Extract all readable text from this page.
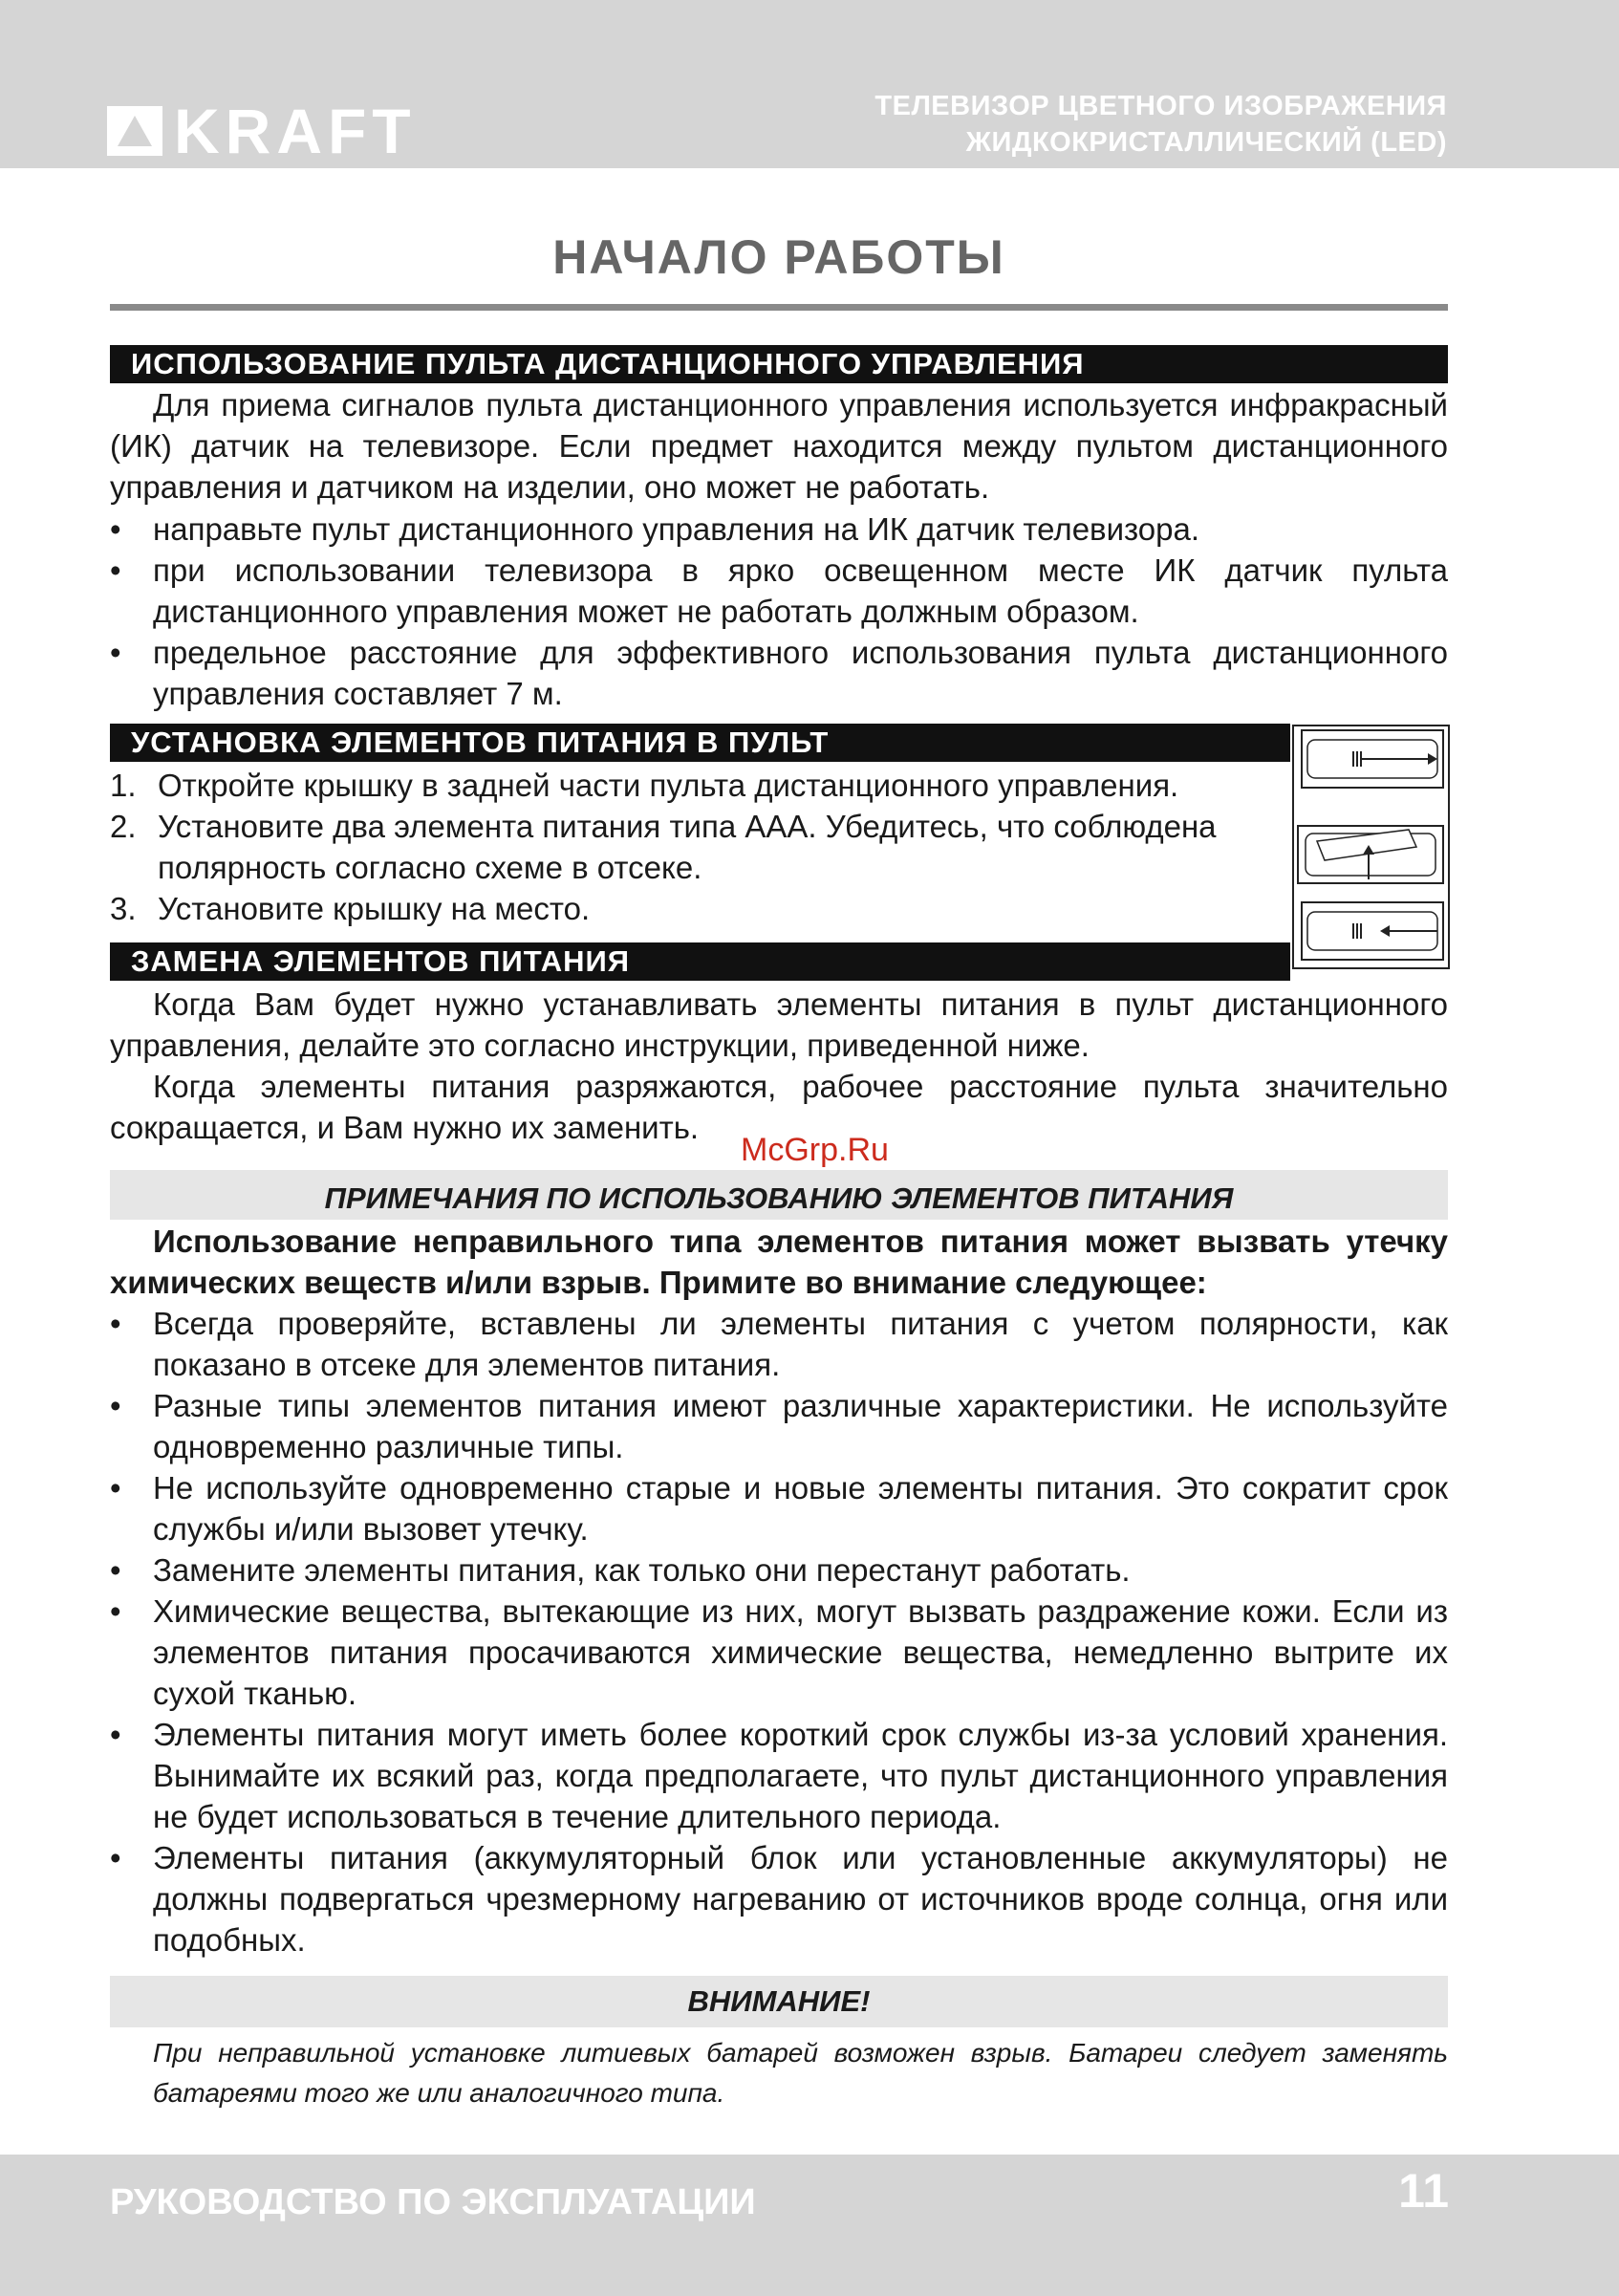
KRAFT	ТЕЛЕВИЗОР ЦВЕТНОГО ИЗОБРАЖЕНИЯ
ЖИДКОКРИСТАЛЛИЧЕСКИЙ (LED)
НАЧАЛО РАБОТЫ
ИСПОЛЬЗОВАНИЕ ПУЛЬТА ДИСТАНЦИОННОГО УПРАВЛЕНИЯ
Для приема сигналов пульта дистанционного управления используется инфракрасный (ИК) датчик на телевизоре. Если предмет находится между пультом дистанционного управления и датчиком на изделии, оно может не работать.
•	направьте пульт дистанционного управления на ИК датчик телевизора.
•	при использовании телевизора в ярко освещенном месте ИК датчик пульта дистанционного управления может не работать должным образом.
•	предельное расстояние для эффективного использования пульта дистанционного управления составляет 7 м.
УСТАНОВКА ЭЛЕМЕНТОВ ПИТАНИЯ В ПУЛЬТ
1. Откройте крышку в задней части пульта дистанционного управления.
2. Установите два элемента питания типа AAA. Убедитесь, что соблюдена полярность согласно схеме в отсеке.
3. Установите крышку на место.
ЗАМЕНА ЭЛЕМЕНТОВ ПИТАНИЯ
Когда Вам будет нужно устанавливать элементы питания в пульт дистанционного управления, делайте это согласно инструкции, приведенной ниже.
Когда элементы питания разряжаются, рабочее расстояние пульта значительно сокращается, и Вам нужно их заменить.
McGrp.Ru
ПРИМЕЧАНИЯ ПО ИСПОЛЬЗОВАНИЮ ЭЛЕМЕНТОВ ПИТАНИЯ
Использование неправильного типа элементов питания может вызвать утечку химических веществ и/или взрыв. Примите во внимание следующее:
•	Всегда проверяйте, вставлены ли элементы питания с учетом полярности, как показано в отсеке для элементов питания.
•	Разные типы элементов питания имеют различные характеристики. Не используйте одновременно различные типы.
•	Не используйте одновременно старые и новые элементы питания. Это сократит срок службы и/или вызовет утечку.
•	Замените элементы питания, как только они перестанут работать.
•	Химические вещества, вытекающие из них, могут вызвать раздражение кожи. Если из элементов питания просачиваются химические вещества, немедленно вытрите их сухой тканью.
•	Элементы питания могут иметь более короткий срок службы из-за условий хранения. Вынимайте их всякий раз, когда предполагаете, что пульт дистанционного управления не будет использоваться в течение длительного периода.
•	Элементы питания (аккумуляторный блок или установленные аккумуляторы) не должны подвергаться чрезмерному нагреванию от источников вроде солнца, огня или подобных.
ВНИМАНИЕ!
При неправильной установке литиевых батарей возможен взрыв. Батареи следует заменять батареями того же или аналогичного типа.
РУКОВОДСТВО ПО ЭКСПЛУАТАЦИИ	11
